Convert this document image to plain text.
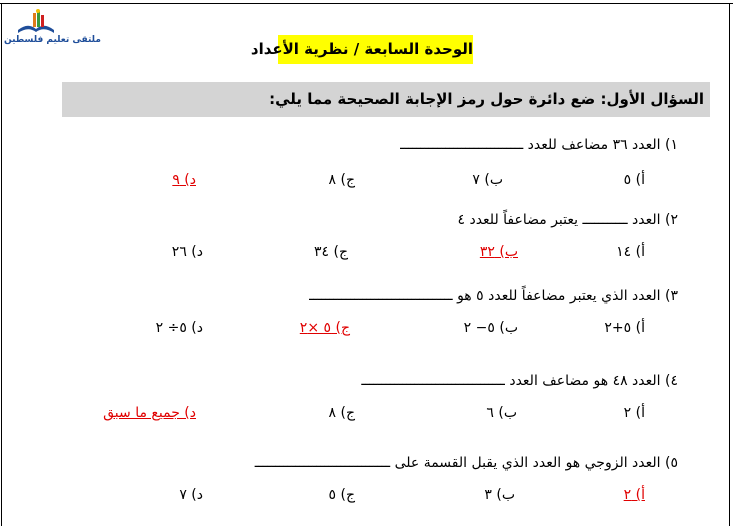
ملتقى تعليم فلسطين	الوحدة السابعة / نظرية الأعداد
السؤال الأول: ضع دائرة حول رمز الإجابة الصحيحة مما يلي:
١) العدد ٣٦ مضاعف للعدد ــــــــــــــــــــــــــــــ
أ) ٥
ب) ٧
ج) ٨
د) ٩
٢) العدد ـــــــــــ يعتبر مضاعفاً للعدد ٤
أ) ١٤
ب) ٣٢
ج) ٣٤
د) ٢٦
٣) العدد الذي يعتبر مضاعفاً للعدد ٥ هو ـــــــــــــــــــــــــــــــــــ
أ) ٥+٢
ب) ٥− ٢
ج) ٥ ×٢
د) ٥÷ ٢
٤) العدد ٤٨ هو مضاعف العدد ـــــــــــــــــــــــــــــــــــ
أ) ٢
ب) ٦
ج) ٨
د) جميع ما سبق
٥) العدد الزوجي هو العدد الذي يقبل القسمة على ـــــــــــــــــــــــــــــــــ
أ) ٢
ب) ٣
ج) ٥
د) ٧
